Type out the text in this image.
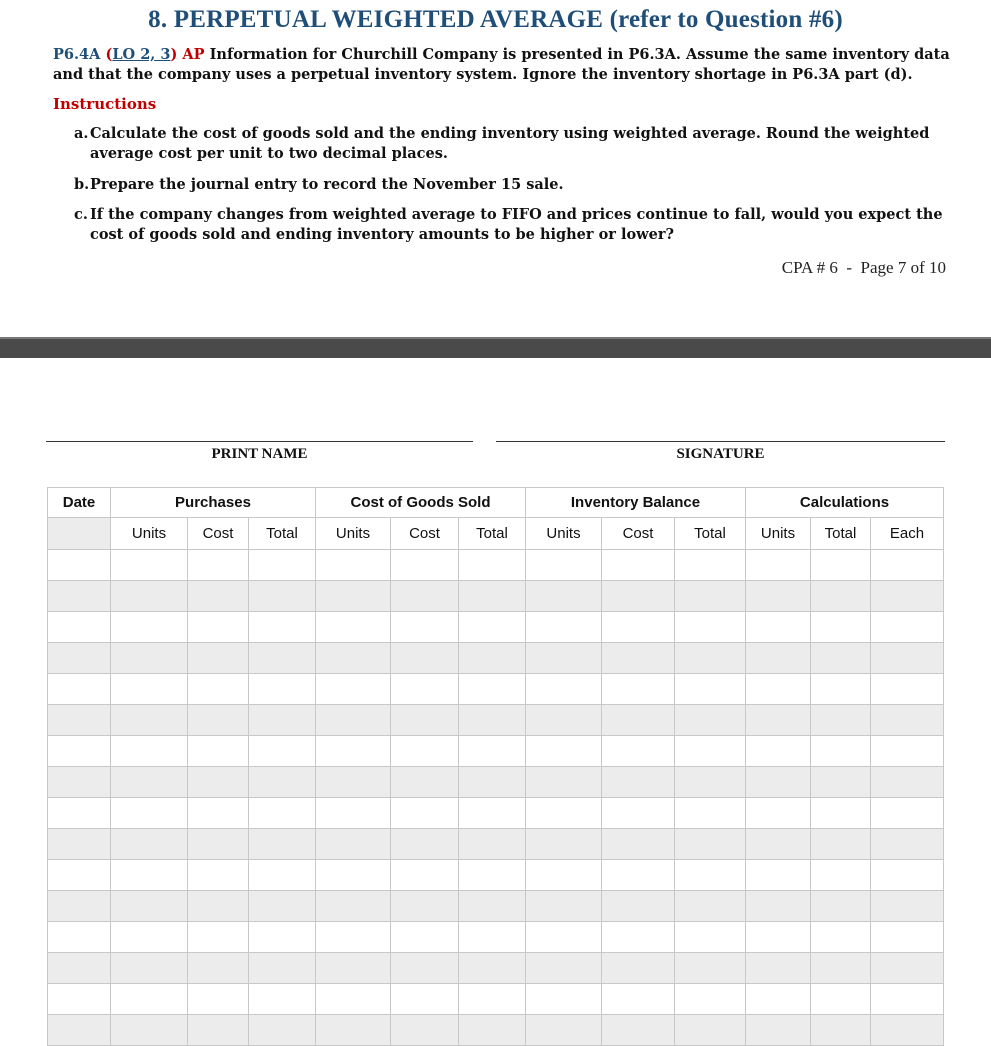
8. PERPETUAL WEIGHTED AVERAGE (refer to Question #6)
P6.4A (LO 2, 3) AP Information for Churchill Company is presented in P6.3A. Assume the same inventory data and that the company uses a perpetual inventory system. Ignore the inventory shortage in P6.3A part (d).
Instructions
a. Calculate the cost of goods sold and the ending inventory using weighted average. Round the weighted average cost per unit to two decimal places.
b. Prepare the journal entry to record the November 15 sale.
c. If the company changes from weighted average to FIFO and prices continue to fall, would you expect the cost of goods sold and ending inventory amounts to be higher or lower?
CPA # 6  -  Page 7 of 10
PRINT NAME	SIGNATURE
Date	Purchases			Cost of Goods Sold			Inventory Balance			Calculations		
	Units	Cost	Total	Units	Cost	Total	Units	Cost	Total	Units	Total	Each
